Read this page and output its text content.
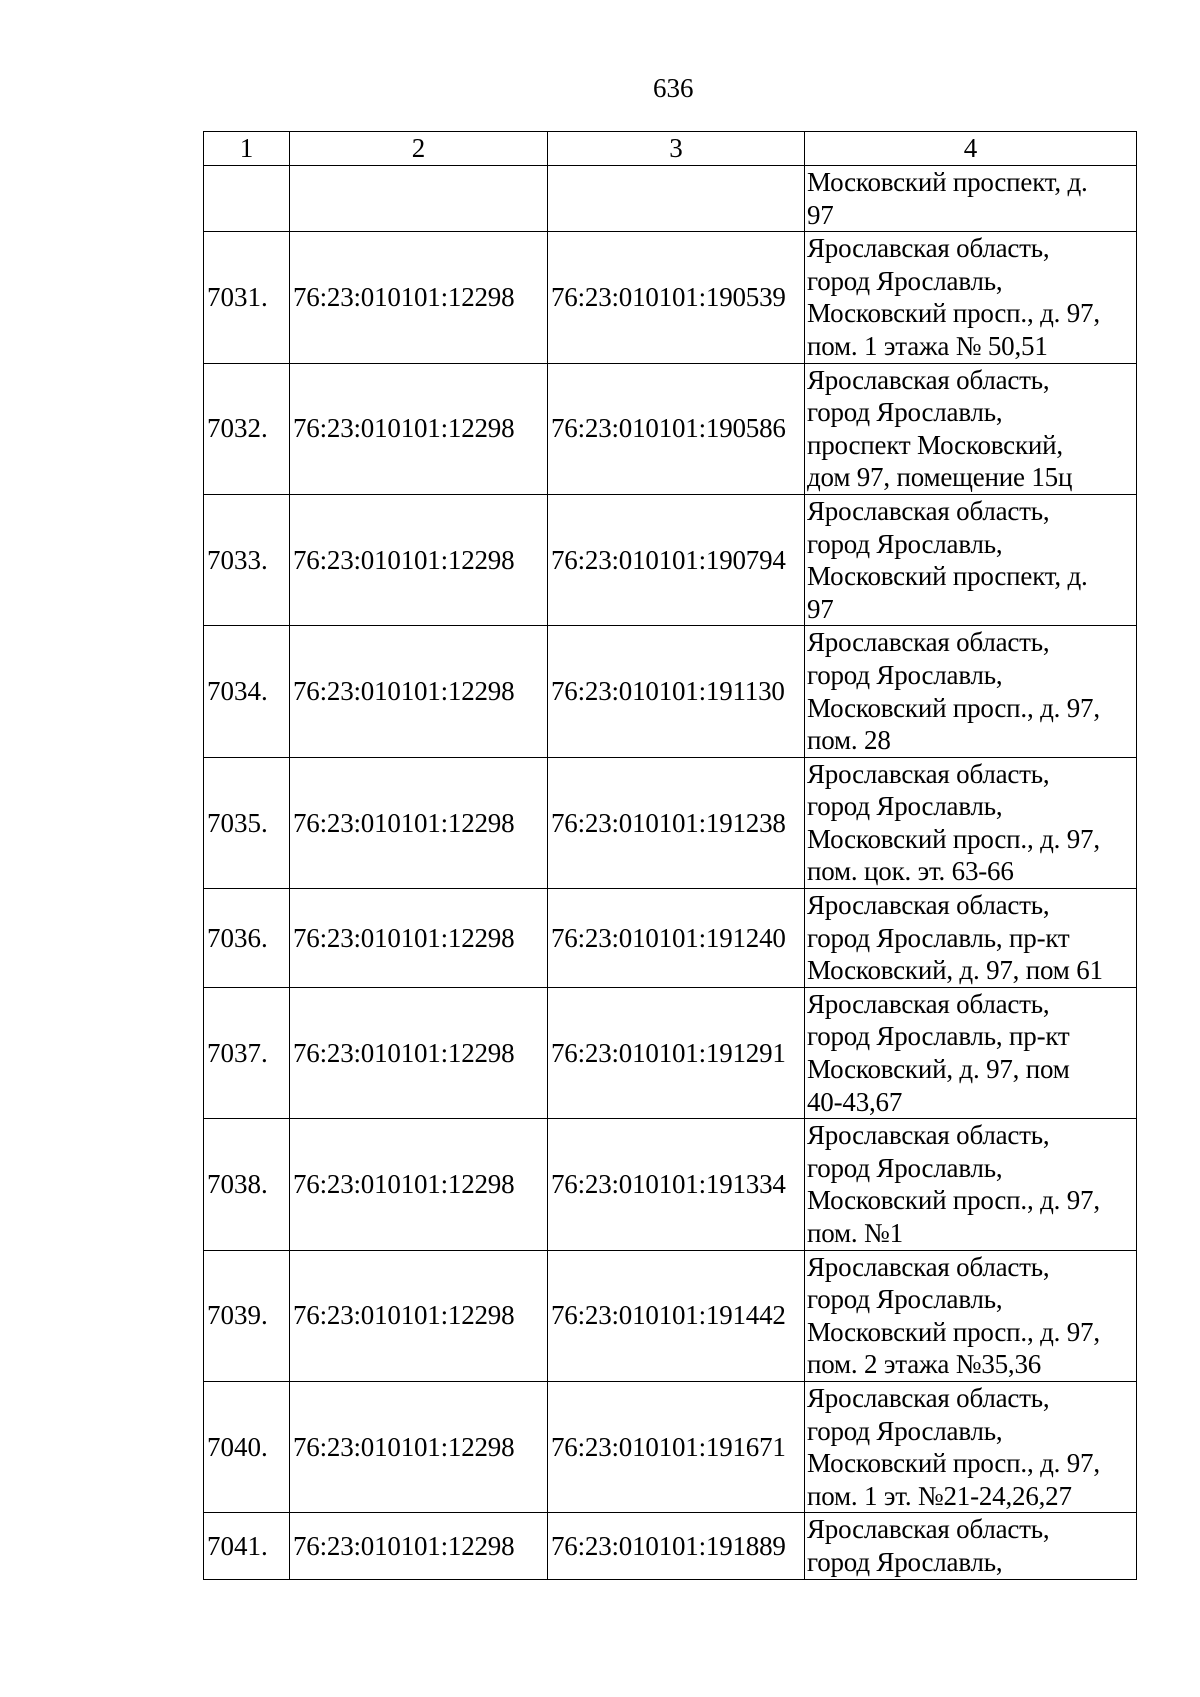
636
1	2	3	4

			Московский проспект, д.
97

7031.	76:23:010101:12298	76:23:010101:190539	Ярославская область,
город Ярославль,
Московский просп., д. 97,
пом. 1 этажа № 50,51

7032.	76:23:010101:12298	76:23:010101:190586	Ярославская область,
город Ярославль,
проспект Московский,
дом 97, помещение 15ц

7033.	76:23:010101:12298	76:23:010101:190794	Ярославская область,
город Ярославль,
Московский проспект, д.
97

7034.	76:23:010101:12298	76:23:010101:191130	Ярославская область,
город Ярославль,
Московский просп., д. 97,
пом. 28

7035.	76:23:010101:12298	76:23:010101:191238	Ярославская область,
город Ярославль,
Московский просп., д. 97,
пом. цок. эт. 63-66

7036.	76:23:010101:12298	76:23:010101:191240	Ярославская область,
город Ярославль, пр-кт
Московский, д. 97, пом 61

7037.	76:23:010101:12298	76:23:010101:191291	Ярославская область,
город Ярославль, пр-кт
Московский, д. 97, пом
40-43,67

7038.	76:23:010101:12298	76:23:010101:191334	Ярославская область,
город Ярославль,
Московский просп., д. 97,
пом. №1

7039.	76:23:010101:12298	76:23:010101:191442	Ярославская область,
город Ярославль,
Московский просп., д. 97,
пом. 2 этажа №35,36

7040.	76:23:010101:12298	76:23:010101:191671	Ярославская область,
город Ярославль,
Московский просп., д. 97,
пом. 1 эт. №21-24,26,27

7041.	76:23:010101:12298	76:23:010101:191889	Ярославская область,
город Ярославль,
